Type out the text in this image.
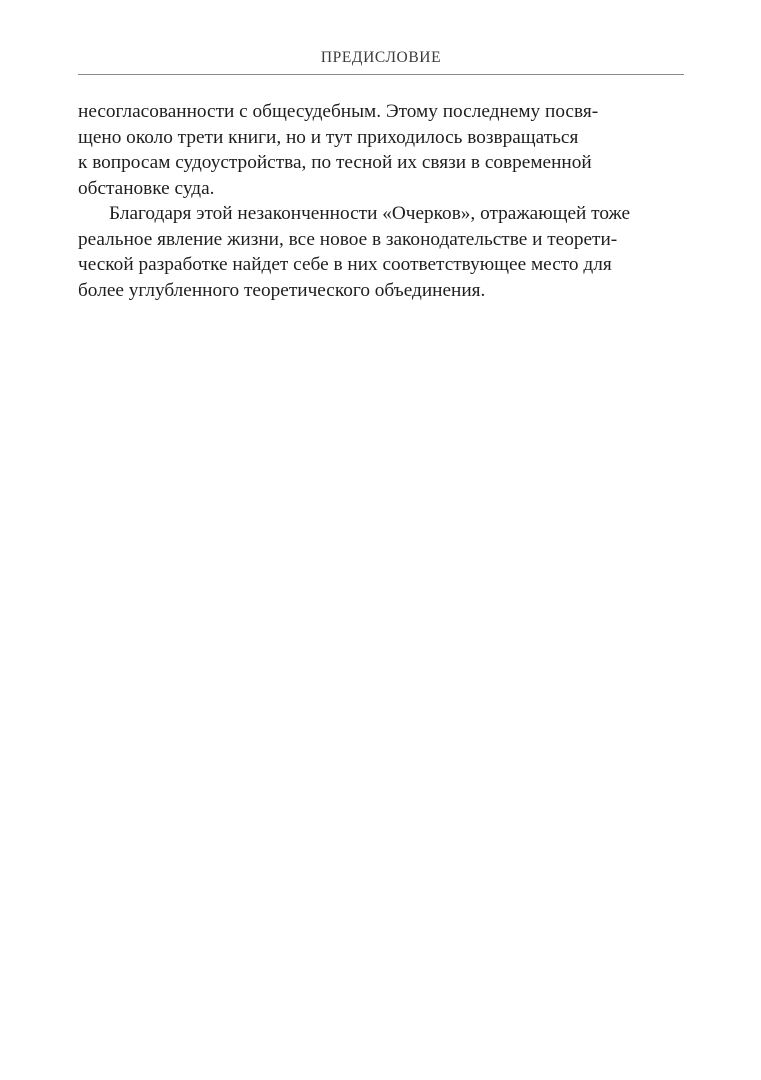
ПРЕДИСЛОВИЕ
несогласованности с общесудебным. Этому последнему посвя-
щено около трети книги, но и тут приходилось возвращаться
к вопросам судоустройства, по тесной их связи в современной
обстановке суда.
Благодаря этой незаконченности «Очерков», отражающей тоже
реальное явление жизни, все новое в законодательстве и теорети-
ческой разработке найдет себе в них соответствующее место для
более углубленного теоретического объединения.
